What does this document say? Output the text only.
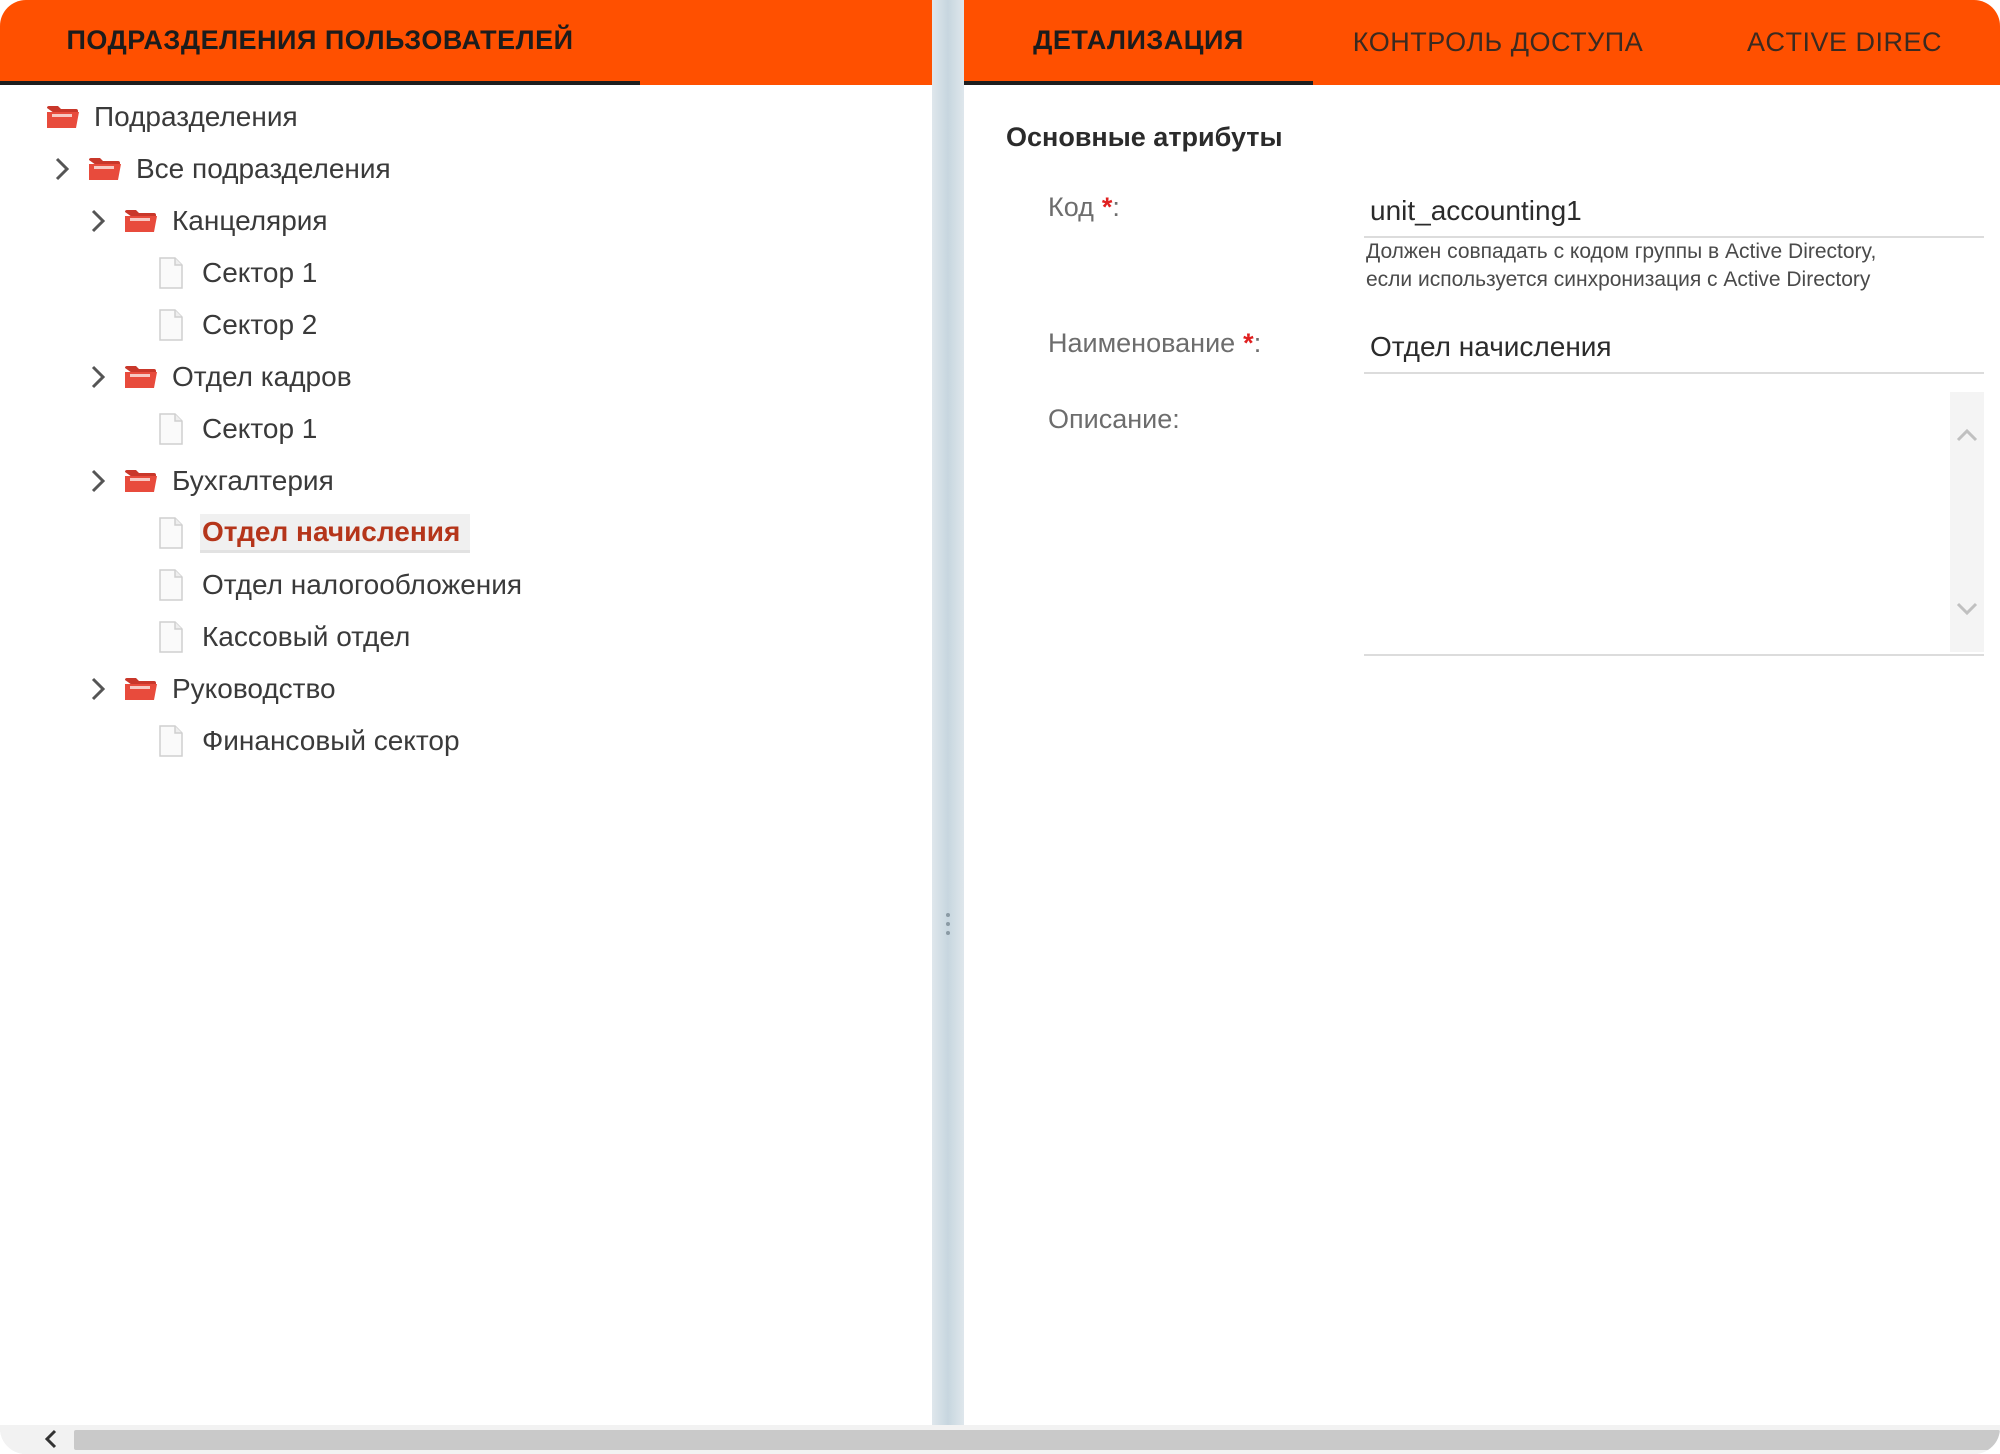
ПОДРАЗДЕЛЕНИЯ ПОЛЬЗОВАТЕЛЕЙ
Подразделения
Все подразделения
Канцелярия
Сектор 1
Сектор 2
Отдел кадров
Сектор 1
Бухгалтерия
Отдел начисления
Отдел налогообложения
Кассовый отдел
Руководство
Финансовый сектор
ДЕТАЛИЗАЦИЯ	КОНТРОЛЬ ДОСТУПА	ACTIVE DIREC
Основные атрибуты
Код *:
unit_accounting1
Должен совпадать с кодом группы в Active Directory,
если используется синхронизация с Active Directory
Наименование *:
Отдел начисления
Описание:
